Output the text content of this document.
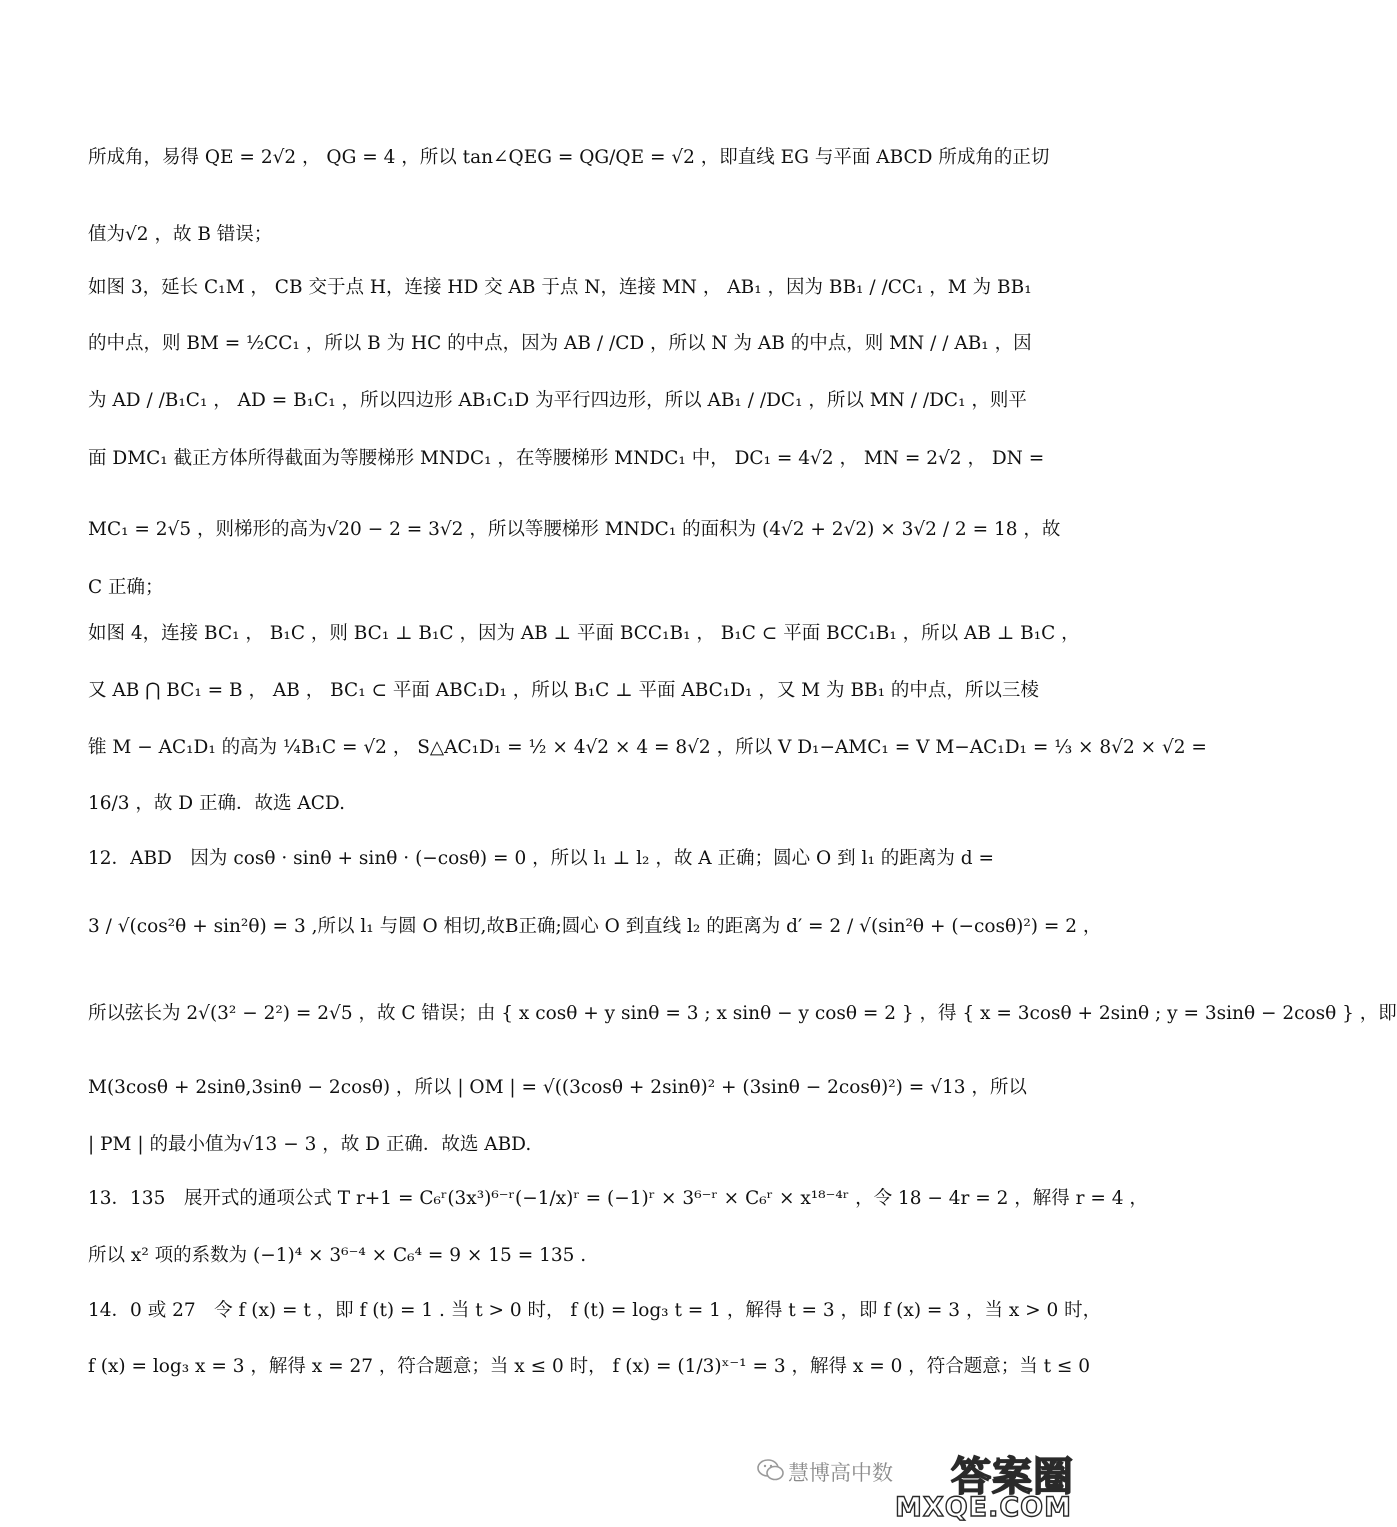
所成角，易得 QE = 2√2 ， QG = 4 ，所以 tan∠QEG = QG/QE = √2 ，即直线 EG 与平面 ABCD 所成角的正切
值为√2 ，故 B 错误；
如图 3，延长 C₁M ， CB 交于点 H，连接 HD 交 AB 于点 N，连接 MN ， AB₁ ，因为 BB₁ / /CC₁ ，M 为 BB₁
的中点，则 BM = ½CC₁ ，所以 B 为 HC 的中点，因为 AB / /CD ，所以 N 为 AB 的中点，则 MN / / AB₁ ，因
为 AD / /B₁C₁ ， AD = B₁C₁ ，所以四边形 AB₁C₁D 为平行四边形，所以 AB₁ / /DC₁ ，所以 MN / /DC₁ ，则平
面 DMC₁ 截正方体所得截面为等腰梯形 MNDC₁ ，在等腰梯形 MNDC₁ 中， DC₁ = 4√2 ， MN = 2√2 ， DN =
MC₁ = 2√5 ，则梯形的高为√20 − 2 = 3√2 ，所以等腰梯形 MNDC₁ 的面积为 (4√2 + 2√2) × 3√2 / 2 = 18 ，故
C 正确；
如图 4，连接 BC₁ ， B₁C ，则 BC₁ ⊥ B₁C ，因为 AB ⊥ 平面 BCC₁B₁ ， B₁C ⊂ 平面 BCC₁B₁ ，所以 AB ⊥ B₁C ，
又 AB ⋂ BC₁ = B ， AB ， BC₁ ⊂ 平面 ABC₁D₁ ，所以 B₁C ⊥ 平面 ABC₁D₁ ，又 M 为 BB₁ 的中点，所以三棱
锥 M − AC₁D₁ 的高为 ¼B₁C = √2 ， S△AC₁D₁ = ½ × 4√2 × 4 = 8√2 ，所以 V D₁−AMC₁ = V M−AC₁D₁ = ⅓ × 8√2 × √2 =
16/3 ，故 D 正确．故选 ACD.
12．ABD　因为 cosθ · sinθ + sinθ · (−cosθ) = 0 ，所以 l₁ ⊥ l₂ ，故 A 正确；圆心 O 到 l₁ 的距离为 d =
3 / √(cos²θ + sin²θ) = 3 ,所以 l₁ 与圆 O 相切,故B正确;圆心 O 到直线 l₂ 的距离为 d′ = 2 / √(sin²θ + (−cosθ)²) = 2 ，
所以弦长为 2√(3² − 2²) = 2√5 ，故 C 错误；由 { x cosθ + y sinθ = 3 ; x sinθ − y cosθ = 2 } ，得 { x = 3cosθ + 2sinθ ; y = 3sinθ − 2cosθ } ，即
M(3cosθ + 2sinθ,3sinθ − 2cosθ) ，所以 | OM | = √((3cosθ + 2sinθ)² + (3sinθ − 2cosθ)²) = √13 ，所以
| PM | 的最小值为√13 − 3 ，故 D 正确．故选 ABD.
13．135　展开式的通项公式 T r+1 = C₆ʳ(3x³)⁶⁻ʳ(−1/x)ʳ = (−1)ʳ × 3⁶⁻ʳ × C₆ʳ × x¹⁸⁻⁴ʳ ，令 18 − 4r = 2 ，解得 r = 4 ，
所以 x² 项的系数为 (−1)⁴ × 3⁶⁻⁴ × C₆⁴ = 9 × 15 = 135 .
14．0 或 27　令 f (x) = t ，即 f (t) = 1 . 当 t > 0 时， f (t) = log₃ t = 1 ，解得 t = 3 ，即 f (x) = 3 ，当 x > 0 时，
f (x) = log₃ x = 3 ，解得 x = 27 ，符合题意；当 x ≤ 0 时， f (x) = (1/3)ˣ⁻¹ = 3 ，解得 x = 0 ，符合题意；当 t ≤ 0
慧博高中数 答案圈
MXQE.COM
